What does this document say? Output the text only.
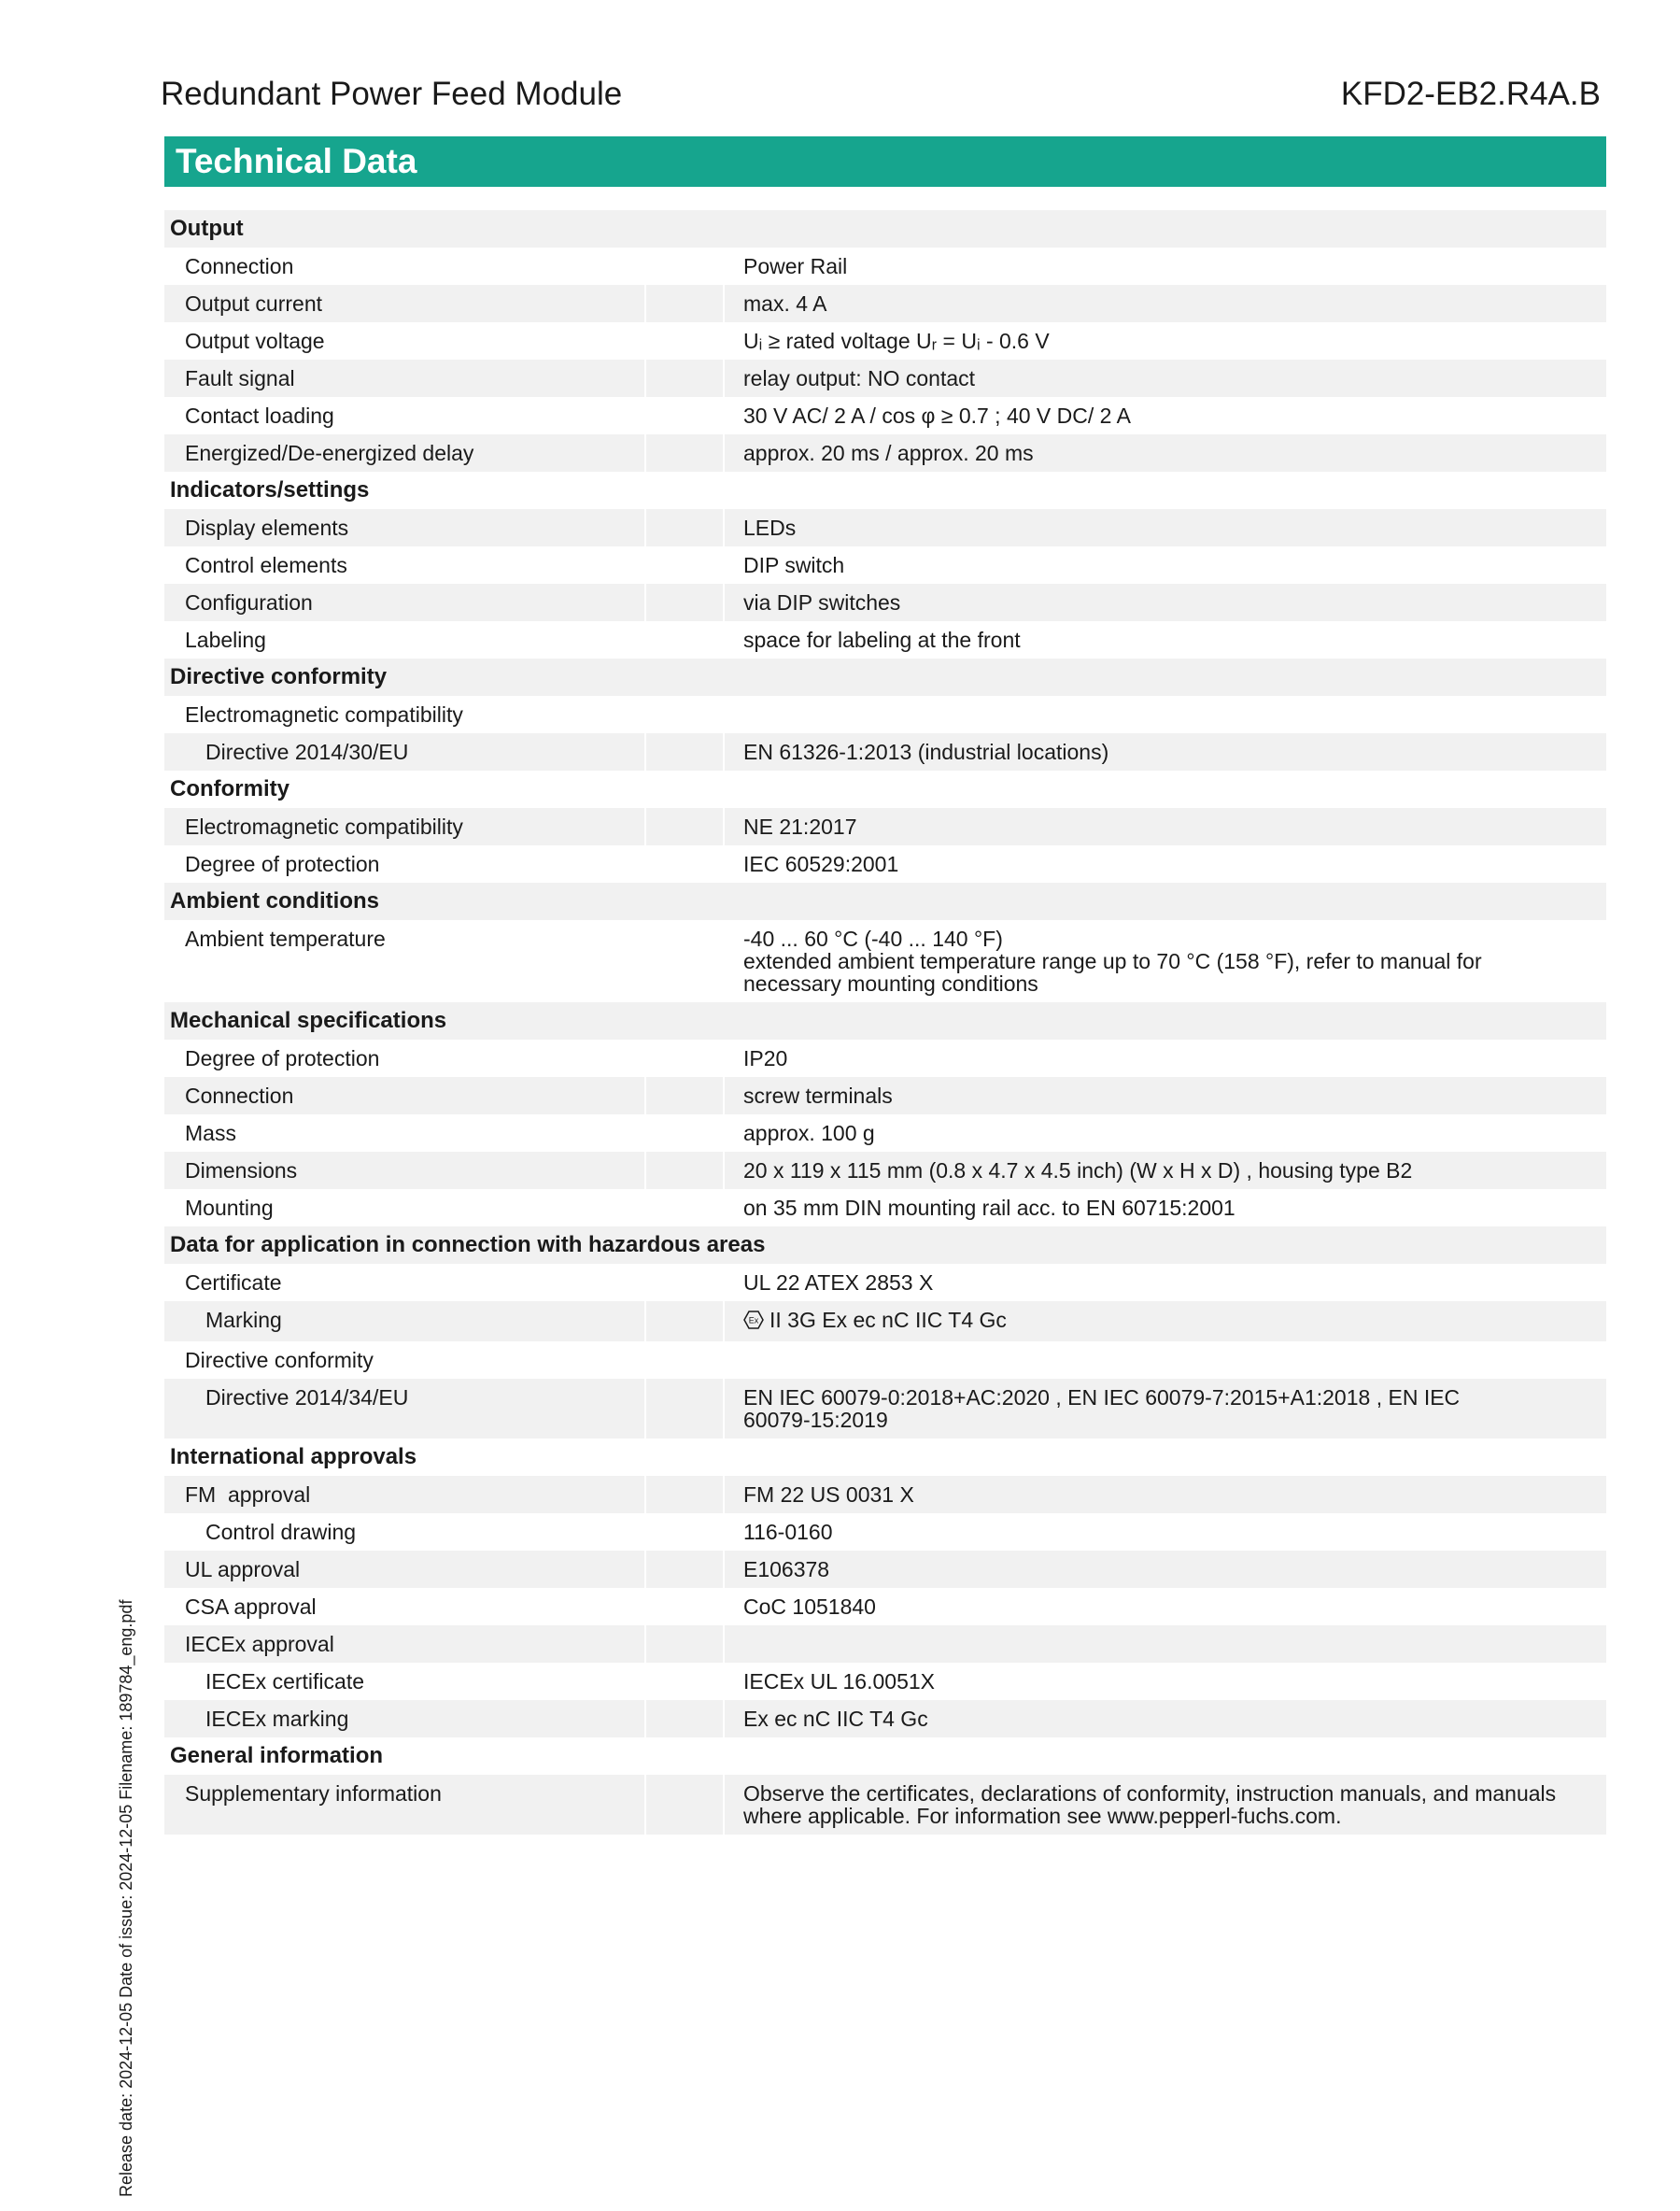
Redundant Power Feed Module	KFD2-EB2.R4A.B
Technical Data
Output
Connection	Power Rail
Output current	max. 4 A
Output voltage	Uᵢ ≥ rated voltage Uᵣ = Uᵢ - 0.6 V
Fault signal	relay output: NO contact
Contact loading	30 V AC/ 2 A / cos φ ≥ 0.7 ; 40 V DC/ 2 A
Energized/De-energized delay	approx. 20 ms / approx. 20 ms
Indicators/settings
Display elements	LEDs
Control elements	DIP switch
Configuration	via DIP switches
Labeling	space for labeling at the front
Directive conformity
Electromagnetic compatibility
Directive 2014/30/EU	EN 61326-1:2013 (industrial locations)
Conformity
Electromagnetic compatibility	NE 21:2017
Degree of protection	IEC 60529:2001
Ambient conditions
Ambient temperature	-40 ... 60 °C (-40 ... 140 °F)
extended ambient temperature range up to 70 °C (158 °F), refer to manual for
necessary mounting conditions
Mechanical specifications
Degree of protection	IP20
Connection	screw terminals
Mass	approx. 100 g
Dimensions	20 x 119 x 115 mm (0.8 x 4.7 x 4.5 inch) (W x H x D) , housing type B2
Mounting	on 35 mm DIN mounting rail acc. to EN 60715:2001
Data for application in connection with hazardous areas
Certificate	UL 22 ATEX 2853 X
Marking	Ex II 3G Ex ec nC IIC T4 Gc
Directive conformity
Directive 2014/34/EU	EN IEC 60079-0:2018+AC:2020 , EN IEC 60079-7:2015+A1:2018 , EN IEC
60079-15:2019
International approvals
FM  approval	FM 22 US 0031 X
Control drawing	116-0160
UL approval	E106378
CSA approval	CoC 1051840
IECEx approval
IECEx certificate	IECEx UL 16.0051X
IECEx marking	Ex ec nC IIC T4 Gc
General information
Supplementary information	Observe the certificates, declarations of conformity, instruction manuals, and manuals
where applicable. For information see www.pepperl-fuchs.com.
Release date: 2024-12-05 Date of issue: 2024-12-05 Filename: 189784_eng.pdf
